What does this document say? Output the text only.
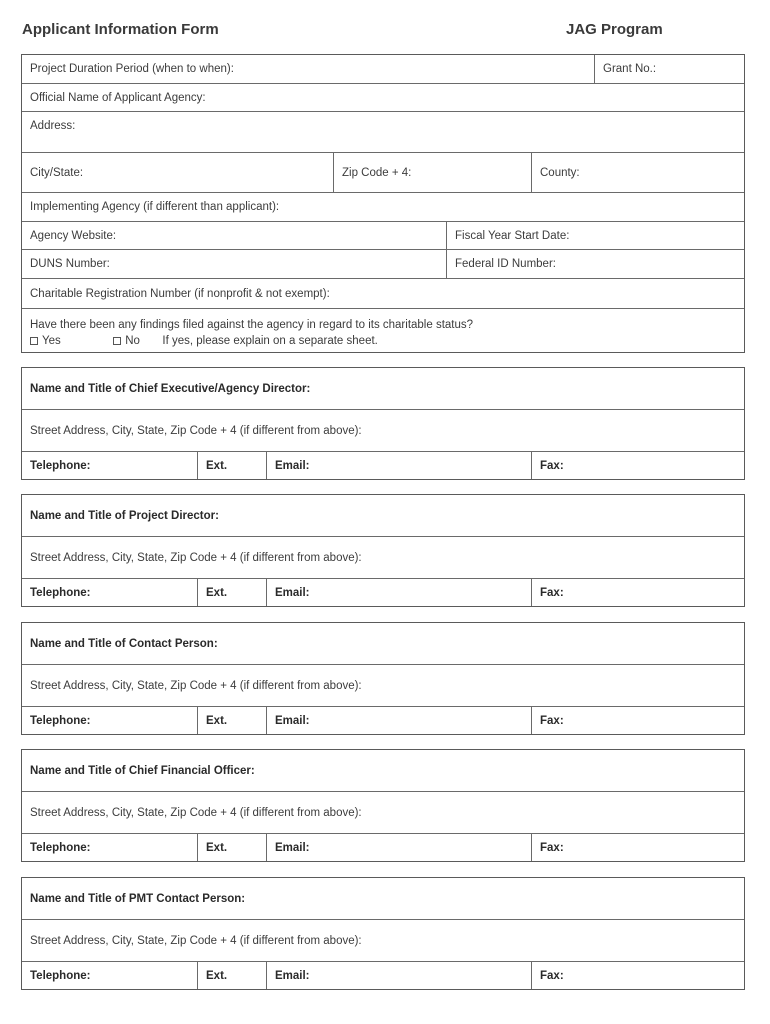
Applicant Information Form	JAG Program
Project Duration Period (when to when):	Grant No.:
Official Name of Applicant Agency:
Address:
City/State:	Zip Code + 4:	County:
Implementing Agency (if different than applicant):
Agency Website:	Fiscal Year Start Date:
DUNS Number:	Federal ID Number:
Charitable Registration Number (if nonprofit & not exempt):
Have there been any findings filed against the agency in regard to its charitable status?
Yes	No If yes, please explain on a separate sheet.
Name and Title of Chief Executive/Agency Director:
Street Address, City, State, Zip Code + 4 (if different from above):
Telephone:	Ext.	Email:	Fax:
Name and Title of Project Director:
Street Address, City, State, Zip Code + 4 (if different from above):
Telephone:	Ext.	Email:	Fax:
Name and Title of Contact Person:
Street Address, City, State, Zip Code + 4 (if different from above):
Telephone:	Ext.	Email:	Fax:
Name and Title of Chief Financial Officer:
Street Address, City, State, Zip Code + 4 (if different from above):
Telephone:	Ext.	Email:	Fax:
Name and Title of PMT Contact Person:
Street Address, City, State, Zip Code + 4 (if different from above):
Telephone:	Ext.	Email:	Fax:
